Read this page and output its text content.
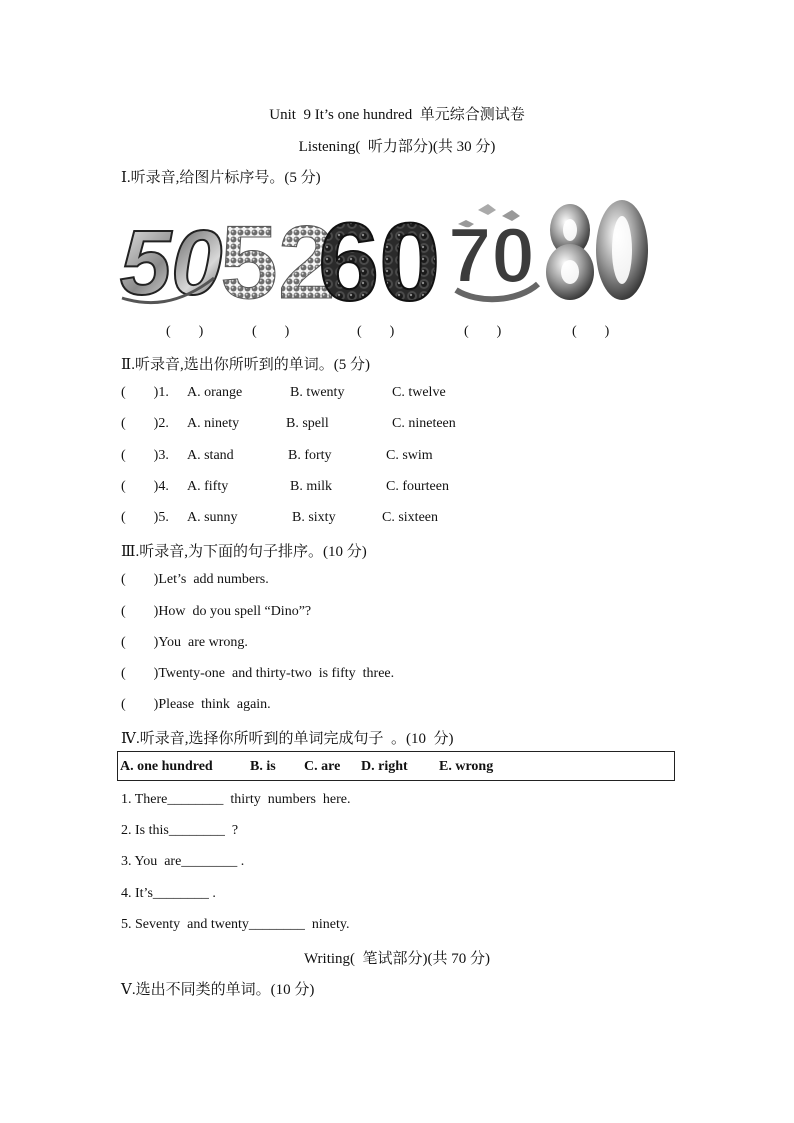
Unit  9 It’s one hundred  单元综合测试卷
Listening(  听力部分)(共 30 分)
Ⅰ.听录音,给图片标序号。(5 分)
50
52
60 70
(        )	(        )	(        )	(        )	(        )
Ⅱ.听录音,选出你所听到的单词。(5 分)
(        )1. A. orange	B. twenty	C. twelve
(        )2. A. ninety	B. spell	C. nineteen
(        )3. A. stand	B. forty	C. swim
(        )4. A. fifty	B. milk	C. fourteen
(        )5. A. sunny	B. sixty	C. sixteen
Ⅲ.听录音,为下面的句子排序。(10 分)
(        )Let’s  add numbers.
(        )How  do you spell “Dino”?
(        )You  are wrong.
(        )Twenty-one  and thirty-two  is fifty  three.
(        )Please  think  again.
Ⅳ.听录音,选择你所听到的单词完成句子  。(10  分)
A. one hundred	B. is C. are D. right E. wrong
1. There________  thirty  numbers  here.
2. Is this________  ?
3. You  are________ .
4. It’s________ .
5. Seventy  and twenty________  ninety.
Writing(  笔试部分)(共 70 分)
Ⅴ.选出不同类的单词。(10 分)
